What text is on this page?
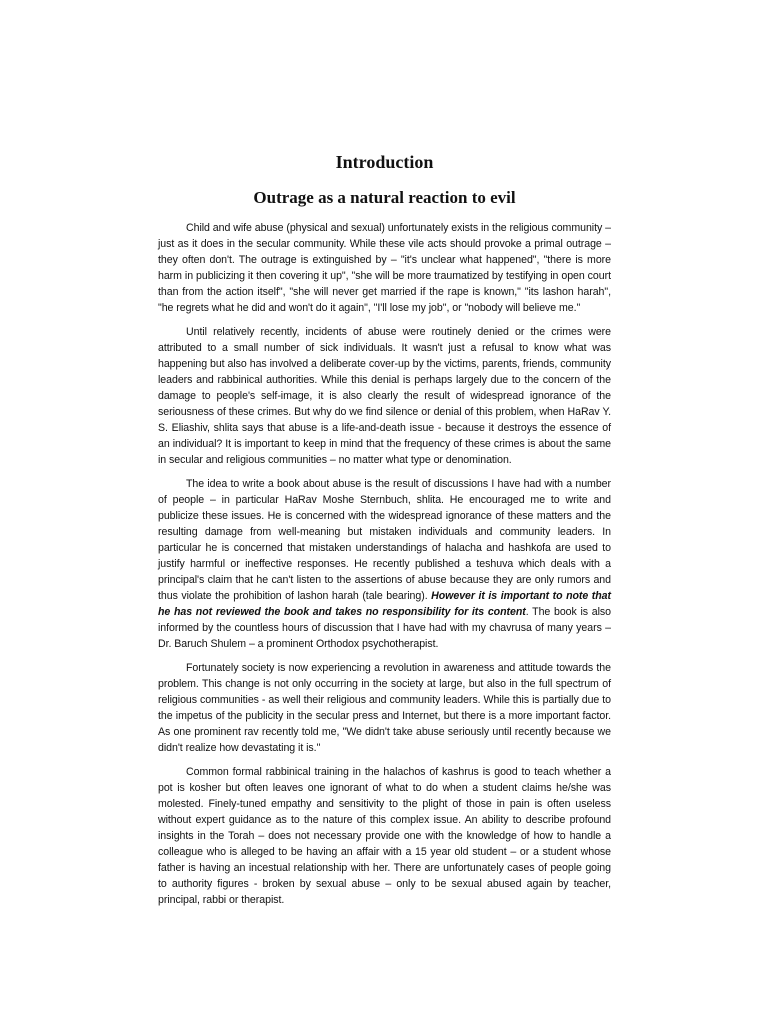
Introduction
Outrage as a natural reaction to evil

Child and wife abuse (physical and sexual) unfortunately exists in the religious community – just as it does in the secular community. While these vile acts should provoke a primal outrage – they often don't. The outrage is extinguished by – "it's unclear what happened", "there is more harm in publicizing it then covering it up", "she will be more traumatized by testifying in open court than from the action itself", "she will never get married if the rape is known," "its lashon harah", "he regrets what he did and won't do it again", "I'll lose my job", or "nobody will believe me."

Until relatively recently, incidents of abuse were routinely denied or the crimes were attributed to a small number of sick individuals. It wasn't just a refusal to know what was happening but also has involved a deliberate cover-up by the victims, parents, friends, community leaders and rabbinical authorities. While this denial is perhaps largely due to the concern of the damage to people's self-image, it is also clearly the result of widespread ignorance of the seriousness of these crimes. But why do we find silence or denial of this problem, when HaRav Y. S. Eliashiv, shlita says that abuse is a life-and-death issue - because it destroys the essence of an individual? It is important to keep in mind that the frequency of these crimes is about the same in secular and religious communities – no matter what type or denomination.

The idea to write a book about abuse is the result of discussions I have had with a number of people – in particular HaRav Moshe Sternbuch, shlita. He encouraged me to write and publicize these issues. He is concerned with the widespread ignorance of these matters and the resulting damage from well-meaning but mistaken individuals and community leaders. In particular he is concerned that mistaken understandings of halacha and hashkofa are used to justify harmful or ineffective responses. He recently published a teshuva which deals with a principal's claim that he can't listen to the assertions of abuse because they are only rumors and thus violate the prohibition of lashon harah (tale bearing). However it is important to note that he has not reviewed the book and takes no responsibility for its content. The book is also informed by the countless hours of discussion that I have had with my chavrusa of many years – Dr. Baruch Shulem – a prominent Orthodox psychotherapist.

Fortunately society is now experiencing a revolution in awareness and attitude towards the problem. This change is not only occurring in the society at large, but also in the full spectrum of religious communities - as well their religious and community leaders. While this is partially due to the impetus of the publicity in the secular press and Internet, but there is a more important factor. As one prominent rav recently told me, "We didn't take abuse seriously until recently because we didn't realize how devastating it is."

Common formal rabbinical training in the halachos of kashrus is good to teach whether a pot is kosher but often leaves one ignorant of what to do when a student claims he/she was molested. Finely-tuned empathy and sensitivity to the plight of those in pain is often useless without expert guidance as to the nature of this complex issue. An ability to describe profound insights in the Torah – does not necessary provide one with the knowledge of how to handle a colleague who is alleged to be having an affair with a 15 year old student – or a student whose father is having an incestual relationship with her. There are unfortunately cases of people going to authority figures - broken by sexual abuse – only to be sexual abused again by teacher, principal, rabbi or therapist.
